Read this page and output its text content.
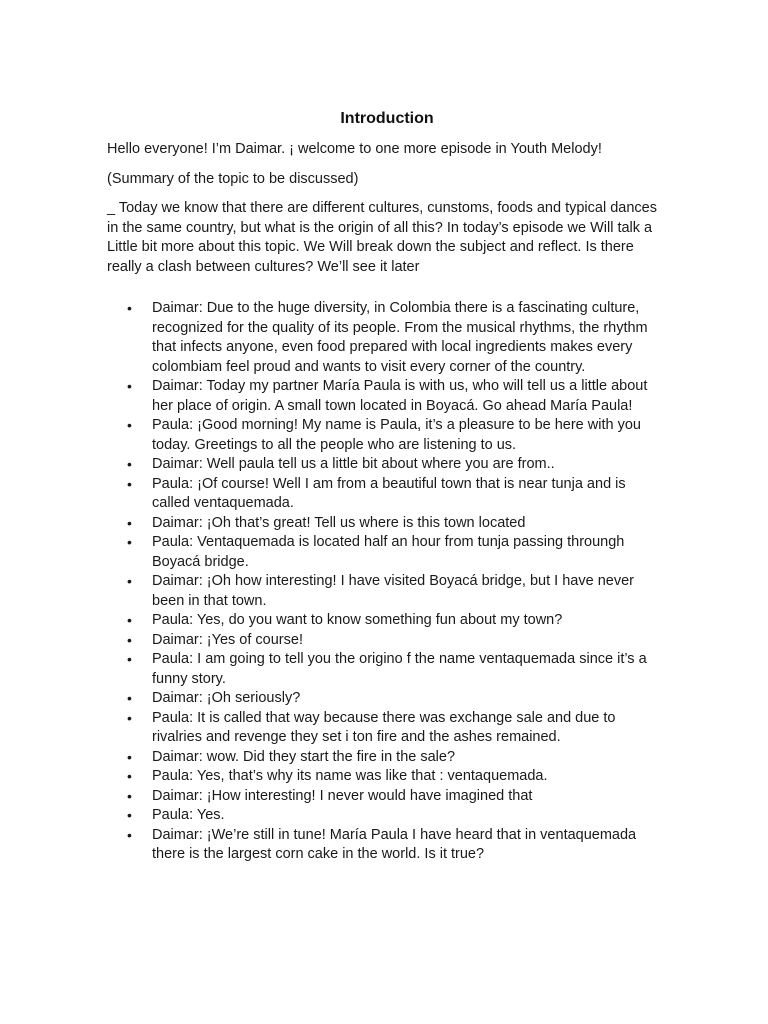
Introduction

Hello everyone! I’m Daimar. ¡ welcome to one more episode in Youth Melody!

(Summary of the topic to be discussed)

_ Today we know that there are different cultures, cunstoms, foods and typical dances in the same country, but what is the origin of all this? In today’s episode we Will talk a Little bit more about this topic. We Will break down the subject and reflect. Is there really a clash between cultures? We’ll see it later

• Daimar: Due to the huge diversity, in Colombia there is a fascinating culture, recognized for the quality of its people. From the musical rhythms, the rhythm that infects anyone, even food prepared with local ingredients makes every colombiam feel proud and wants to visit every corner of the country.
• Daimar: Today my partner María Paula is with us, who will tell us a little about her place of origin. A small town located in Boyacá. Go ahead María Paula!
• Paula: ¡Good morning! My name is Paula, it’s a pleasure to be here with you today. Greetings to all the people who are listening to us.
• Daimar: Well paula tell us a little bit about where you are from..
• Paula: ¡Of course! Well I am from a beautiful town that is near tunja and is called ventaquemada.
• Daimar: ¡Oh that’s great! Tell us where is this town located
• Paula: Ventaquemada is located half an hour from tunja passing throungh Boyacá bridge.
• Daimar: ¡Oh how interesting! I have visited Boyacá bridge, but I have never been in that town.
• Paula: Yes, do you want to know something fun about my town?
• Daimar: ¡Yes of course!
• Paula: I am going to tell you the origino f the name ventaquemada since it’s a funny story.
• Daimar: ¡Oh seriously?
• Paula: It is called that way because there was exchange sale and due to rivalries and revenge they set i ton fire and the ashes remained.
• Daimar: wow. Did they start the fire in the sale?
• Paula: Yes, that’s why its name was like that : ventaquemada.
• Daimar: ¡How interesting! I never would have imagined that
• Paula: Yes.
• Daimar: ¡We’re still in tune! María Paula I have heard that in ventaquemada there is the largest corn cake in the world. Is it true?
